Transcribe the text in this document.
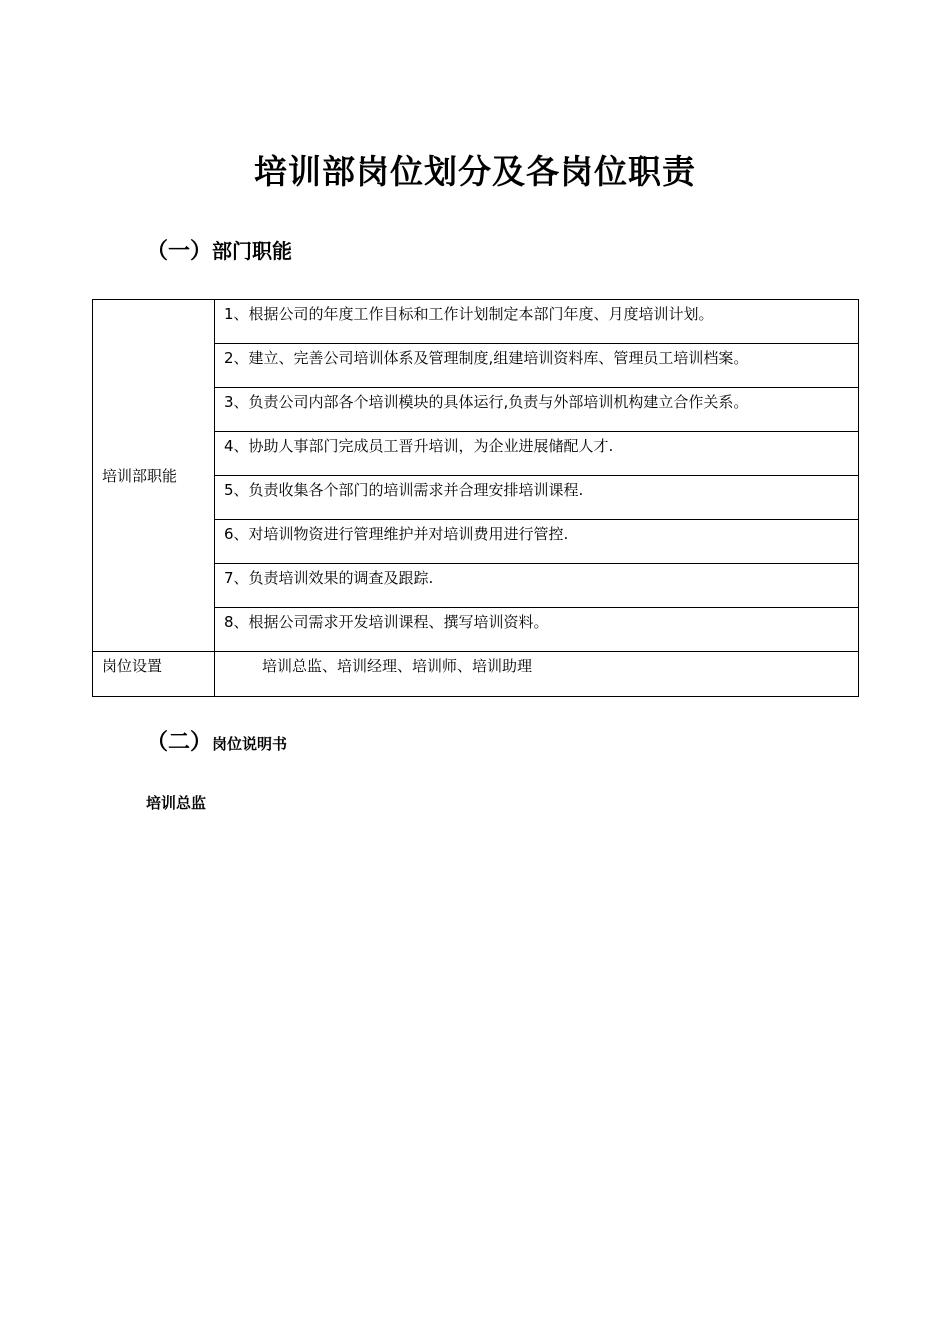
培训部岗位划分及各岗位职责
（一）部门职能
培训部职能	1、根据公司的年度工作目标和工作计划制定本部门年度、月度培训计划。
	2、建立、完善公司培训体系及管理制度,组建培训资料库、管理员工培训档案。
	3、负责公司内部各个培训模块的具体运行,负责与外部培训机构建立合作关系。
	4、协助人事部门完成员工晋升培训，为企业进展储配人才.
	5、负责收集各个部门的培训需求并合理安排培训课程.
	6、对培训物资进行管理维护并对培训费用进行管控.
	7、负责培训效果的调查及跟踪.
	8、根据公司需求开发培训课程、撰写培训资料。
岗位设置	培训总监、培训经理、培训师、培训助理
（二）岗位说明书
培训总监
